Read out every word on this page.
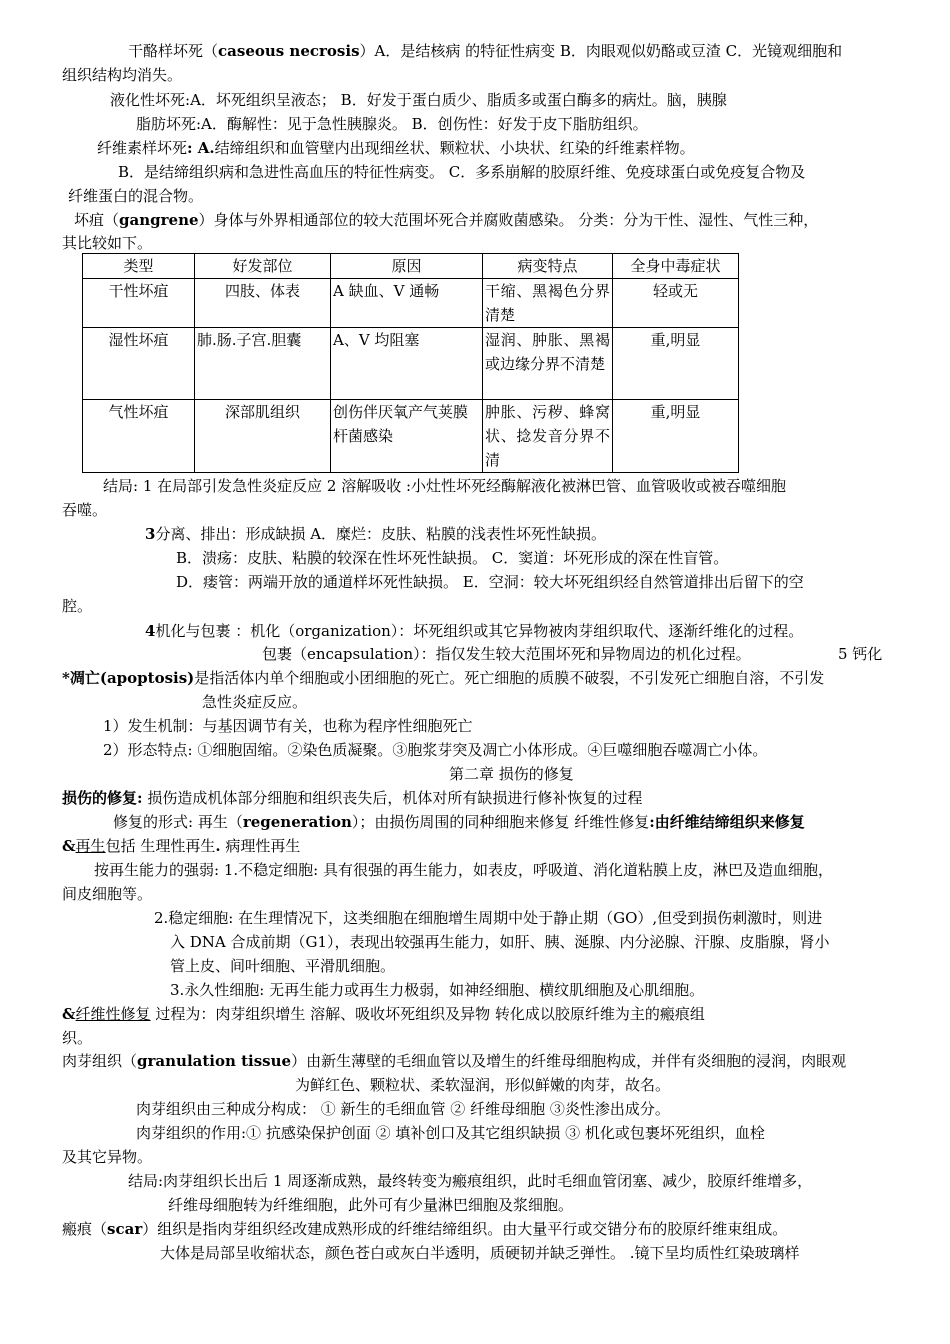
干酪样坏死（caseous necrosis）A．是结核病 的特征性病变 B．肉眼观似奶酪或豆渣 C．光镜观细胞和
组织结构均消失。
液化性坏死:A．坏死组织呈液态； B．好发于蛋白质少、脂质多或蛋白酶多的病灶。脑，胰腺
脂肪坏死:A．酶解性：见于急性胰腺炎。 B．创伤性：好发于皮下脂肪组织。
纤维素样坏死: A.结缔组织和血管壁内出现细丝状、颗粒状、小块状、红染的纤维素样物。
B．是结缔组织病和急进性高血压的特征性病变。 C．多系崩解的胶原纤维、免疫球蛋白或免疫复合物及
纤维蛋白的混合物。
坏疽（gangrene）身体与外界相通部位的较大范围坏死合并腐败菌感染。 分类：分为干性、湿性、气性三种，
其比较如下。
类型	好发部位	原因	病变特点	全身中毒症状
干性坏疽	四肢、体表	A 缺血、V 通畅	干缩、黑褐色分界清楚	轻或无
湿性坏疽	肺.肠.子宫.胆囊	A、V 均阻塞	湿润、肿胀、黑褐或边缘分界不清楚	重,明显
气性坏疽	深部肌组织	创伤伴厌氧产气荚膜杆菌感染	肿胀、污秽、蜂窝状、捻发音分界不清	重,明显
结局: 1 在局部引发急性炎症反应 2 溶解吸收 :小灶性坏死经酶解液化被淋巴管、血管吸收或被吞噬细胞
吞噬。
3分离、排出：形成缺损 A．糜烂：皮肤、粘膜的浅表性坏死性缺损。
B．溃疡：皮肤、粘膜的较深在性坏死性缺损。 C．窦道：坏死形成的深在性盲管。
D．瘘管：两端开放的通道样坏死性缺损。 E．空洞：较大坏死组织经自然管道排出后留下的空
腔。
4机化与包裹 ：机化（organization）：坏死组织或其它异物被肉芽组织取代、逐渐纤维化的过程。
包裹（encapsulation）：指仅发生较大范围坏死和异物周边的机化过程。	5 钙化
*凋亡(apoptosis)是指活体内单个细胞或小团细胞的死亡。死亡细胞的质膜不破裂，不引发死亡细胞自溶，不引发
急性炎症反应。
1）发生机制：与基因调节有关，也称为程序性细胞死亡
2）形态特点: ①细胞固缩。②染色质凝聚。③胞浆芽突及凋亡小体形成。④巨噬细胞吞噬凋亡小体。
第二章 损伤的修复
损伤的修复: 损伤造成机体部分细胞和组织丧失后，机体对所有缺损进行修补恢复的过程
修复的形式: 再生（regeneration）；由损伤周围的同种细胞来修复 纤维性修复:由纤维结缔组织来修复
&再生包括 生理性再生. 病理性再生
按再生能力的强弱: 1.不稳定细胞: 具有很强的再生能力，如表皮，呼吸道、消化道粘膜上皮，淋巴及造血细胞，
间皮细胞等。
2.稳定细胞: 在生理情况下，这类细胞在细胞增生周期中处于静止期（GO）,但受到损伤刺激时，则进
入 DNA 合成前期（G1），表现出较强再生能力，如肝、胰、涎腺、内分泌腺、汗腺、皮脂腺，肾小
管上皮、间叶细胞、平滑肌细胞。
3.永久性细胞: 无再生能力或再生力极弱，如神经细胞、横纹肌细胞及心肌细胞。
&纤维性修复 过程为：肉芽组织增生 溶解、吸收坏死组织及异物 转化成以胶原纤维为主的瘢痕组
织。
肉芽组织（granulation tissue）由新生薄壁的毛细血管以及增生的纤维母细胞构成，并伴有炎细胞的浸润，肉眼观
为鲜红色、颗粒状、柔软湿润，形似鲜嫩的肉芽，故名。
肉芽组织由三种成分构成： ① 新生的毛细血管 ② 纤维母细胞 ③炎性渗出成分。
肉芽组织的作用:① 抗感染保护创面 ② 填补创口及其它组织缺损 ③ 机化或包裹坏死组织，血栓
及其它异物。
结局:肉芽组织长出后 1 周逐渐成熟，最终转变为瘢痕组织，此时毛细血管闭塞、减少，胶原纤维增多，
纤维母细胞转为纤维细胞，此外可有少量淋巴细胞及浆细胞。
瘢痕（scar）组织是指肉芽组织经改建成熟形成的纤维结缔组织。由大量平行或交错分布的胶原纤维束组成。
大体是局部呈收缩状态，颜色苍白或灰白半透明，质硬韧并缺乏弹性。 .镜下呈均质性红染玻璃样
